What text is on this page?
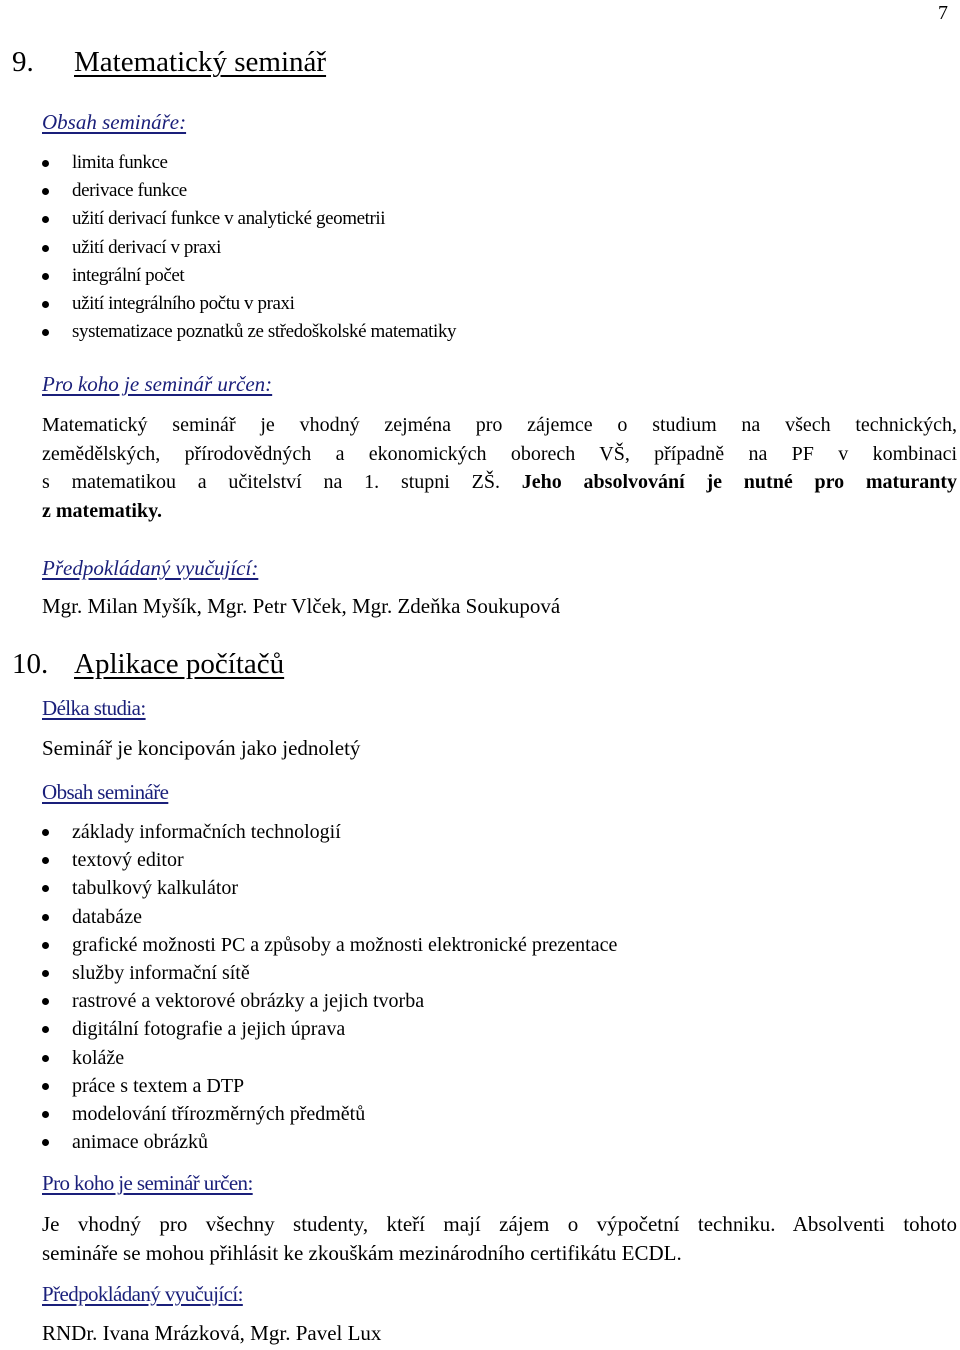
7
9. Matematický seminář
Obsah semináře:
limita funkce
derivace funkce
užití derivací funkce v analytické geometrii
užití derivací v praxi
integrální počet
užití integrálního počtu v praxi
systematizace poznatků ze středoškolské matematiky
Pro koho je seminář určen:

Matematický seminář je vhodný zejména pro zájemce o studium na všech technických,

zemědělských, přírodovědných a ekonomických oborech VŠ, případně na PF v kombinaci

s matematikou a učitelství na 1. stupni ZŠ. Jeho absolvování je nutné pro maturanty

z matematiky.

Předpokládaný vyučující:
Mgr. Milan Myšík, Mgr. Petr Vlček, Mgr. Zdeňka Soukupová
10. Aplikace počítačů
Délka studia:
Seminář je koncipován jako jednoletý
Obsah semináře
základy informačních technologií
textový editor
tabulkový kalkulátor
databáze
grafické možnosti PC a způsoby a možnosti elektronické prezentace
služby informační sítě
rastrové a vektorové obrázky a jejich tvorba
digitální fotografie a jejich úprava
koláže
práce s textem a DTP
modelování třírozměrných předmětů
animace obrázků
Pro koho je seminář určen:

Je vhodný pro všechny studenty, kteří mají zájem o výpočetní techniku. Absolventi tohoto

semináře se mohou přihlásit ke zkouškám mezinárodního certifikátu ECDL.

Předpokládaný vyučující:
RNDr. Ivana Mrázková, Mgr. Pavel Lux
